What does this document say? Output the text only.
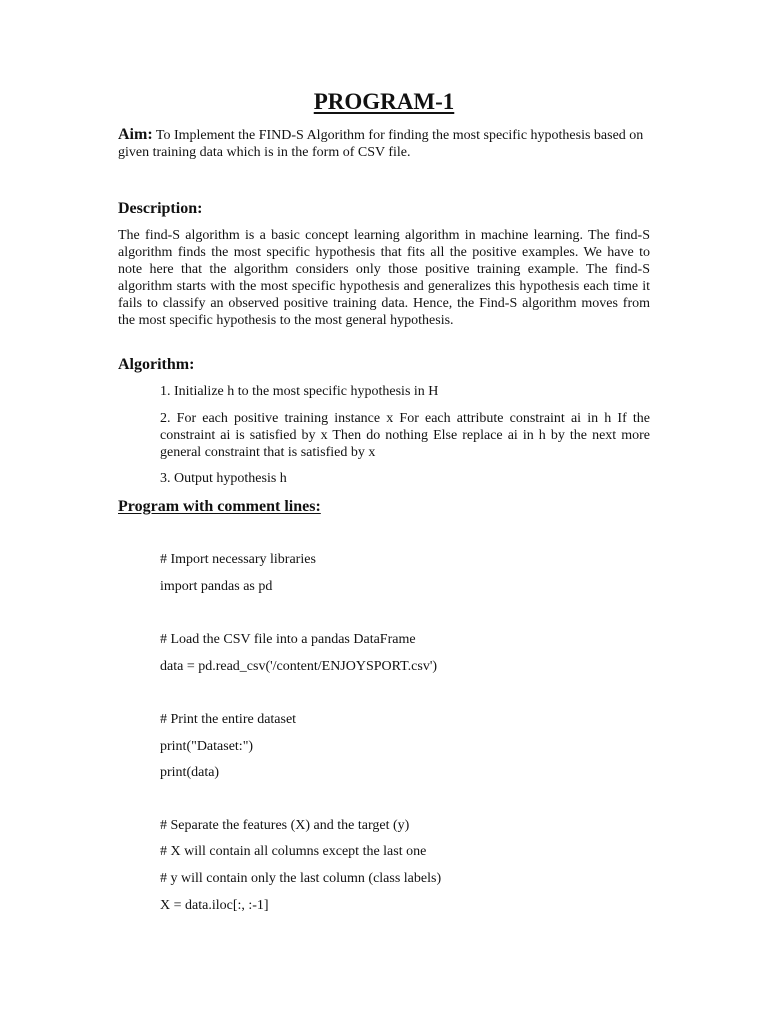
PROGRAM-1

Aim: To Implement the FIND-S Algorithm for finding the most specific hypothesis based on given training data which is in the form of CSV file.

Description:

The find-S algorithm is a basic concept learning algorithm in machine learning. The find-S algorithm finds the most specific hypothesis that fits all the positive examples. We have to note here that the algorithm considers only those positive training example. The find-S algorithm starts with the most specific hypothesis and generalizes this hypothesis each time it fails to classify an observed positive training data. Hence, the Find-S algorithm moves from the most specific hypothesis to the most general hypothesis.

Algorithm:

1. Initialize h to the most specific hypothesis in H

2. For each positive training instance x For each attribute constraint ai in h If the constraint ai is satisfied by x Then do nothing Else replace ai in h by the next more general constraint that is satisfied by x

3. Output hypothesis h

Program with comment lines:

# Import necessary libraries

import pandas as pd

# Load the CSV file into a pandas DataFrame

data = pd.read_csv('/content/ENJOYSPORT.csv')

# Print the entire dataset

print("Dataset:")

print(data)

# Separate the features (X) and the target (y)

# X will contain all columns except the last one

# y will contain only the last column (class labels)

X = data.iloc[:, :-1]
